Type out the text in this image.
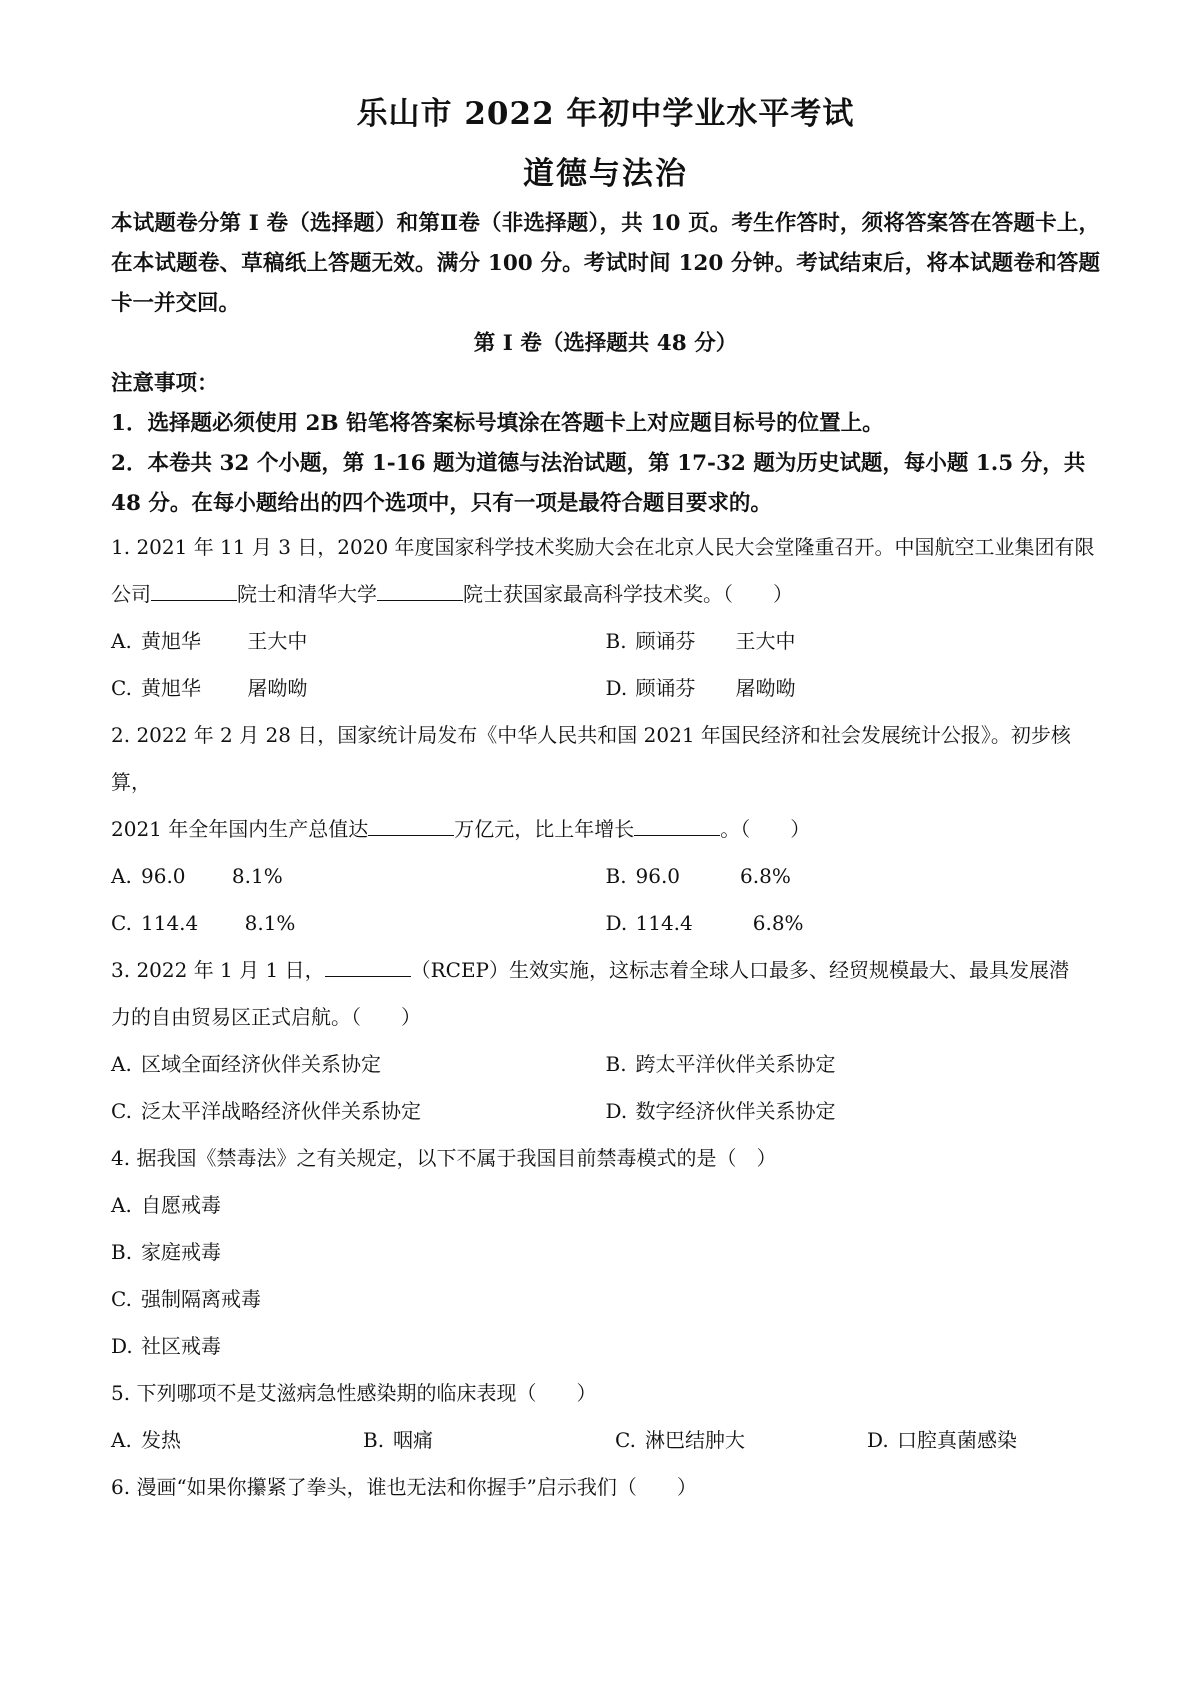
乐山市 2022 年初中学业水平考试
道德与法治

本试题卷分第 I 卷（选择题）和第Ⅱ卷（非选择题），共 10 页。考生作答时，须将答案答在答题卡上，在本试题卷、草稿纸上答题无效。满分 100 分。考试时间 120 分钟。考试结束后，将本试题卷和答题卡一并交回。

第 I 卷（选择题共 48 分）

注意事项：

1．选择题必须使用 2B 铅笔将答案标号填涂在答题卡上对应题目标号的位置上。

2．本卷共 32 个小题，第 1-16 题为道德与法治试题，第 17-32 题为历史试题，每小题 1.5 分，共 48 分。在每小题给出的四个选项中，只有一项是最符合题目要求的。

1. 2021 年 11 月 3 日，2020 年度国家科学技术奖励大会在北京人民大会堂隆重召开。中国航空工业集团有限

公司	院士和清华大学	院士获国家最高科学技术奖。（　　）

A. 黄旭华　　 王大中	B. 顾诵芬　　王大中
C. 黄旭华　　 屠呦呦	D. 顾诵芬　　屠呦呦

2. 2022 年 2 月 28 日，国家统计局发布《中华人民共和国 2021 年国民经济和社会发展统计公报》。初步核算，

2021 年全年国内生产总值达	万亿元，比上年增长	。（　　）

A. 96.0　　 8.1%	B. 96.0　　　6.8%
C. 114.4　　 8.1%	D. 114.4　　　6.8%

3. 2022 年 1 月 1 日，	（RCEP）生效实施，这标志着全球人口最多、经贸规模最大、最具发展潜

力的自由贸易区正式启航。（　　）

A. 区域全面经济伙伴关系协定	B. 跨太平洋伙伴关系协定
C. 泛太平洋战略经济伙伴关系协定	D. 数字经济伙伴关系协定

4. 据我国《禁毒法》之有关规定，以下不属于我国目前禁毒模式的是（　）

A. 自愿戒毒
B. 家庭戒毒
C. 强制隔离戒毒
D. 社区戒毒

5. 下列哪项不是艾滋病急性感染期的临床表现（　　）

A. 发热	B. 咽痛	C. 淋巴结肿大	D. 口腔真菌感染

6. 漫画“如果你攥紧了拳头，谁也无法和你握手”启示我们（　　）
